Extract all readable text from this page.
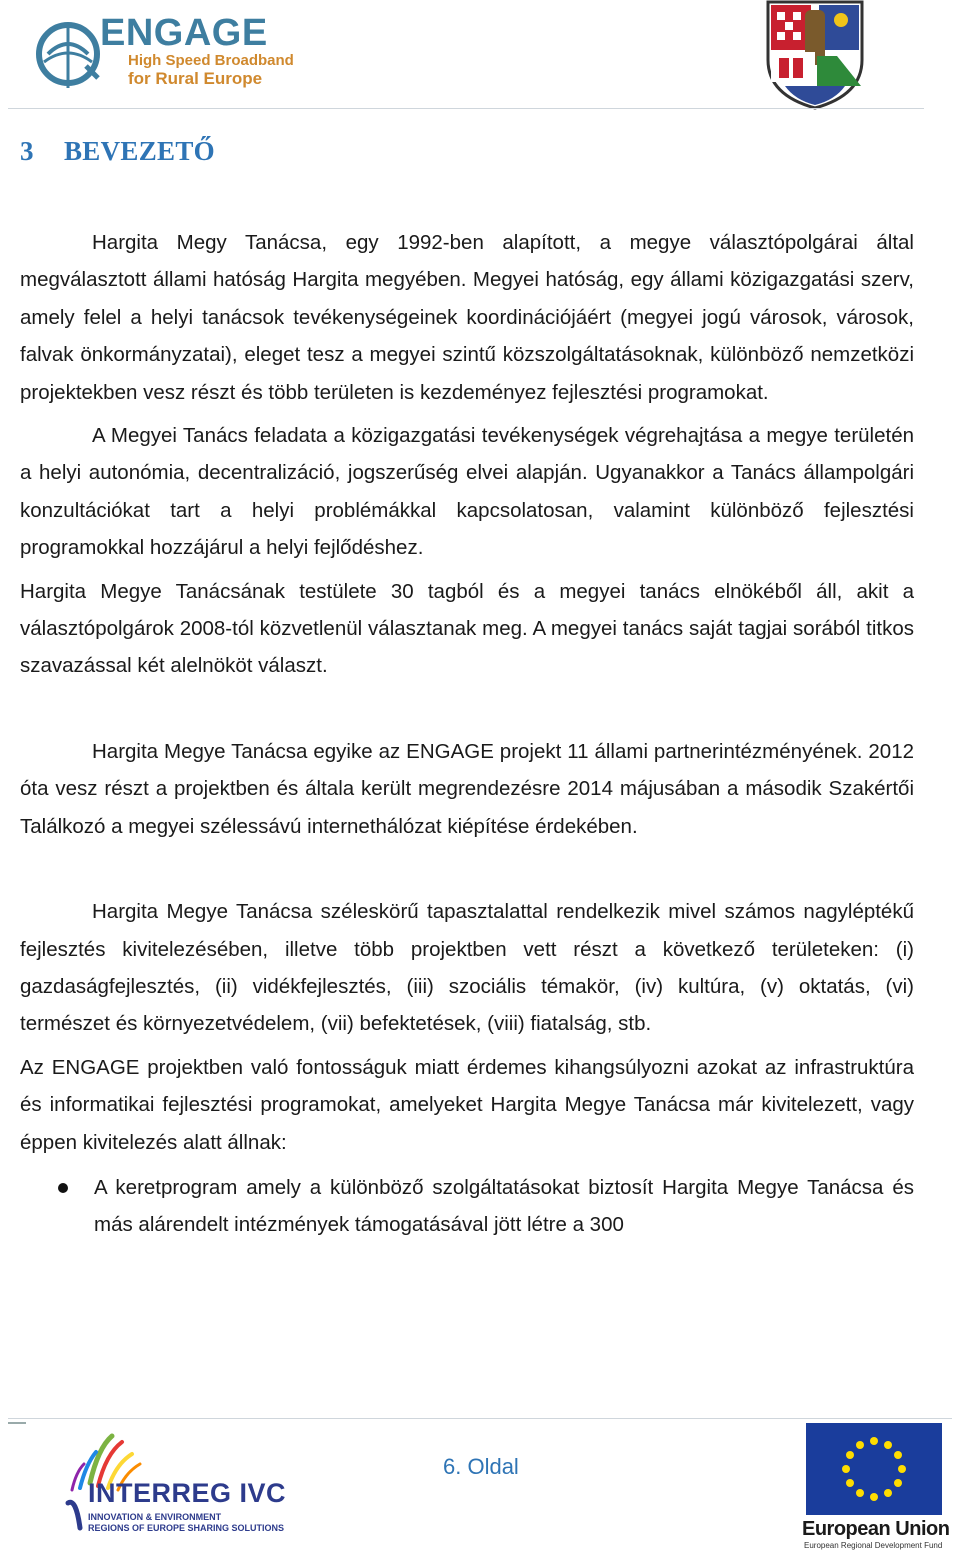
ENGAGE
High Speed Broadband
for Rural Europe
3 BEVEZETŐ

Hargita Megy Tanácsa, egy 1992-ben alapított, a megye választópolgárai által megválasztott állami hatóság Hargita megyében. Megyei hatóság, egy állami közigazgatási szerv, amely felel a helyi tanácsok tevékenységeinek koordinációjáért (megyei jogú városok, városok, falvak önkormányzatai), eleget tesz a megyei szintű közszolgáltatásoknak, különböző nemzetközi projektekben vesz részt és több területen is kezdeményez fejlesztési programokat.

A Megyei Tanács feladata a közigazgatási tevékenységek végrehajtása a megye területén a helyi autonómia, decentralizáció, jogszerűség elvei alapján. Ugyanakkor a Tanács állampolgári konzultációkat tart a helyi problémákkal kapcsolatosan, valamint különböző fejlesztési programokkal hozzájárul a helyi fejlődéshez.

Hargita Megye Tanácsának testülete 30 tagból és a megyei tanács elnökéből áll, akit a választópolgárok 2008-tól közvetlenül választanak meg. A megyei tanács saját tagjai sorából titkos szavazással két alelnököt választ.

Hargita Megye Tanácsa egyike az ENGAGE projekt 11 állami partnerintézményének. 2012 óta vesz részt a projektben és általa került megrendezésre 2014 májusában a második Szakértői Találkozó a megyei szélessávú internethálózat kiépítése érdekében.

Hargita Megye Tanácsa széleskörű tapasztalattal rendelkezik mivel számos nagyléptékű fejlesztés kivitelezésében, illetve több projektben vett részt a következő területeken: (i) gazdaságfejlesztés, (ii) vidékfejlesztés, (iii) szociális témakör, (iv) kultúra, (v) oktatás, (vi) természet és környezetvédelem, (vii) befektetések, (viii) fiatalság, stb.

Az ENGAGE projektben való fontosságuk miatt érdemes kihangsúlyozni azokat az infrastruktúra és informatikai fejlesztési programokat, amelyeket Hargita Megye Tanácsa már kivitelezett, vagy éppen kivitelezés alatt állnak:

A keretprogram amely a különböző szolgáltatásokat biztosít Hargita Megye Tanácsa és más alárendelt intézmények támogatásával jött létre a 300
INTERREG IVC
INNOVATION & ENVIRONMENT
REGIONS OF EUROPE SHARING SOLUTIONS
6. Oldal
European Union
European Regional Development Fund
